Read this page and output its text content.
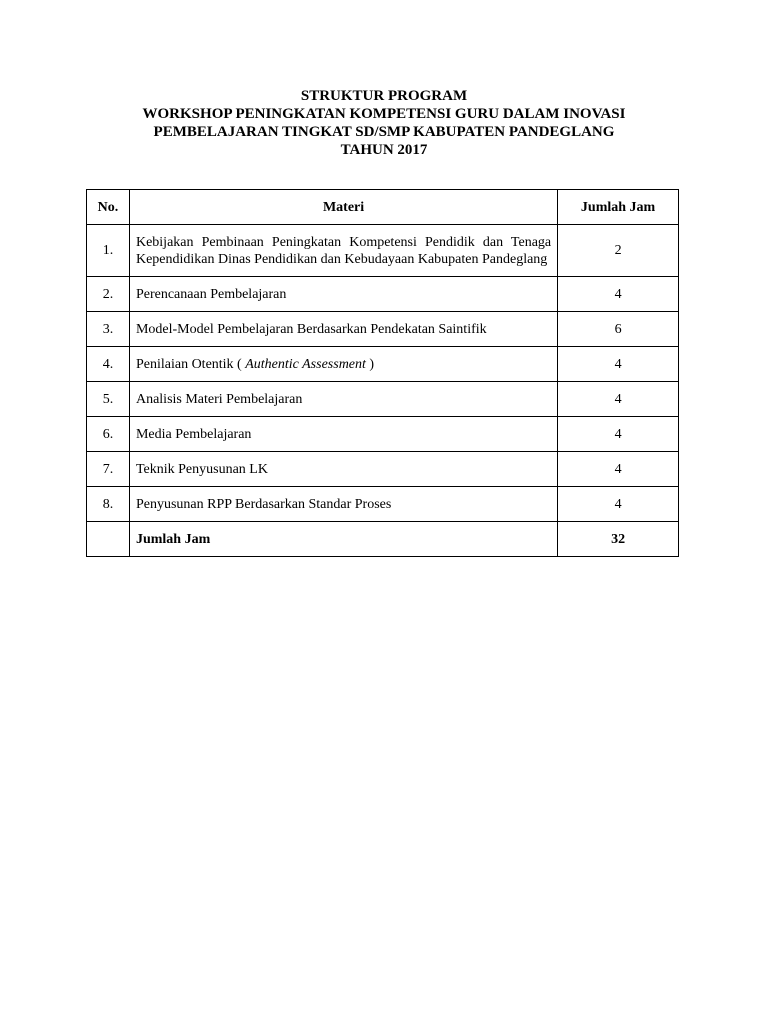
STRUKTUR PROGRAM
WORKSHOP PENINGKATAN KOMPETENSI GURU DALAM INOVASI
PEMBELAJARAN TINGKAT SD/SMP KABUPATEN PANDEGLANG
TAHUN 2017
No.	Materi	Jumlah Jam
1.	Kebijakan Pembinaan Peningkatan Kompetensi Pendidik dan Tenaga Kependidikan Dinas Pendidikan dan Kebudayaan Kabupaten Pandeglang	2
2.	Perencanaan Pembelajaran	4
3.	Model-Model Pembelajaran Berdasarkan Pendekatan Saintifik	6
4.	Penilaian Otentik ( Authentic Assessment )	4
5.	Analisis Materi Pembelajaran	4
6.	Media Pembelajaran	4
7.	Teknik Penyusunan LK	4
8.	Penyusunan RPP Berdasarkan Standar Proses	4
	Jumlah Jam	32
